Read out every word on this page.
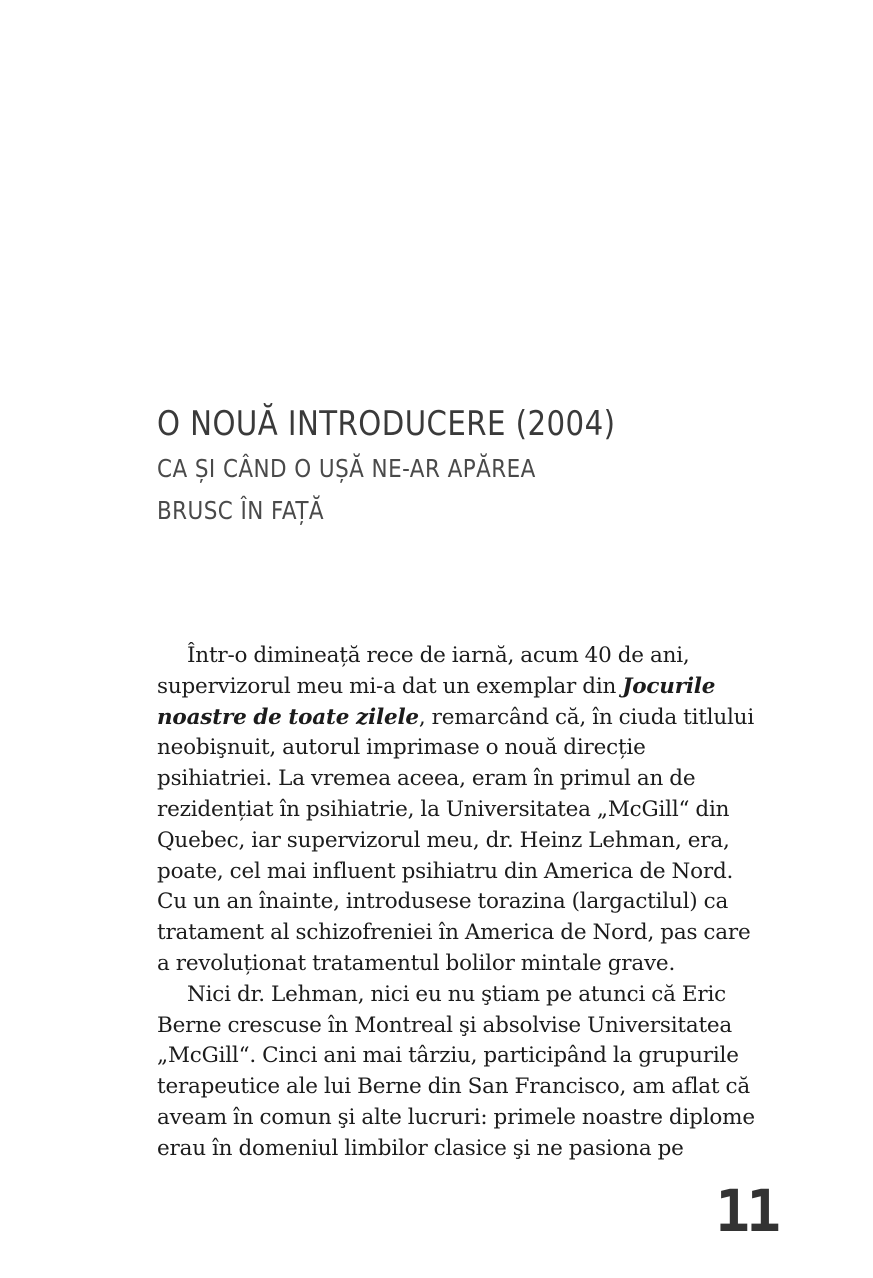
O NOUĂ INTRODUCERE (2004)
CA ȘI CÂND O UȘĂ NE-AR APĂREA
BRUSC ÎN FAȚĂ
Într-o dimineață rece de iarnă, acum 40 de ani,
supervizorul meu mi-a dat un exemplar din Jocurile
noastre de toate zilele, remarcând că, în ciuda titlului
neobişnuit, autorul imprimase o nouă direcție
psihiatriei. La vremea aceea, eram în primul an de
rezidențiat în psihiatrie, la Universitatea „McGill“ din
Quebec, iar supervizorul meu, dr. Heinz Lehman, era,
poate, cel mai influent psihiatru din America de Nord.
Cu un an înainte, introdusese torazina (largactilul) ca
tratament al schizofreniei în America de Nord, pas care
a revoluționat tratamentul bolilor mintale grave.
Nici dr. Lehman, nici eu nu ştiam pe atunci că Eric
Berne crescuse în Montreal şi absolvise Universitatea
„McGill“. Cinci ani mai târziu, participând la grupurile
terapeutice ale lui Berne din San Francisco, am aflat că
aveam în comun şi alte lucruri: primele noastre diplome
erau în domeniul limbilor clasice şi ne pasiona pe
11
